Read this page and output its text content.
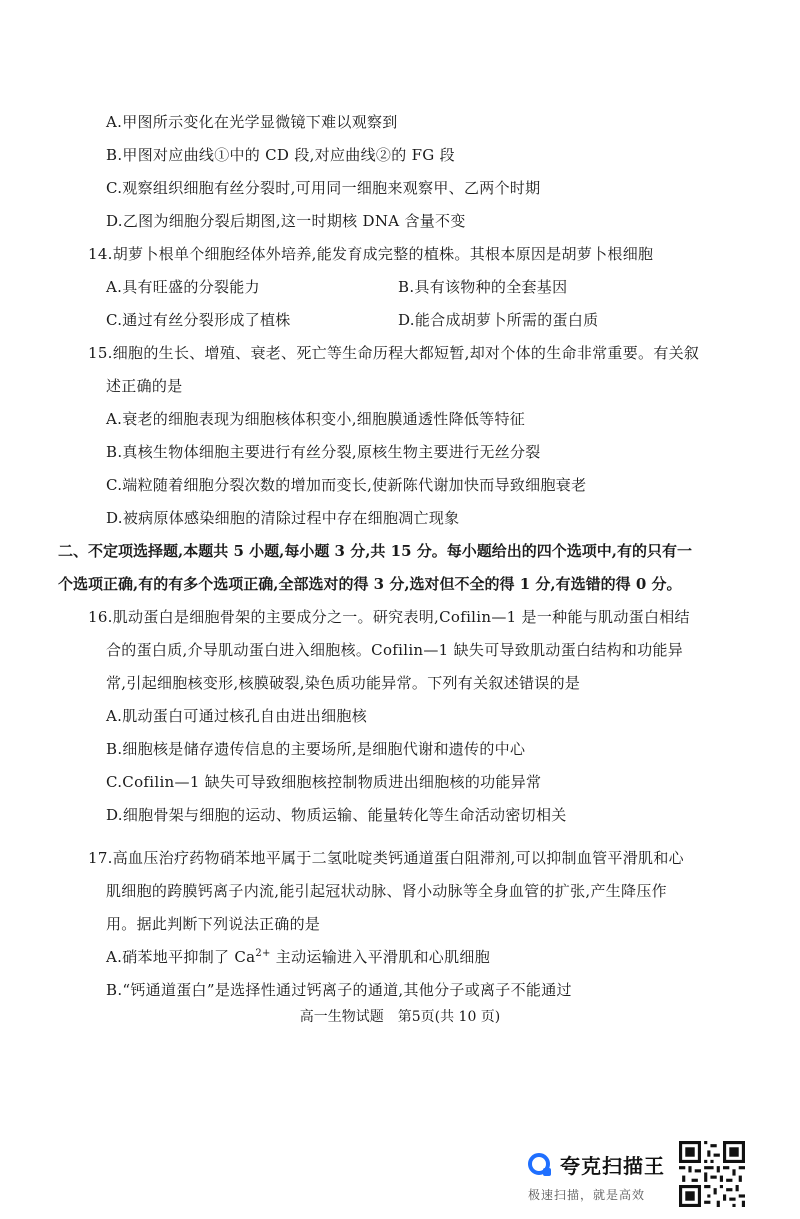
A.甲图所示变化在光学显微镜下难以观察到
B.甲图对应曲线①中的 CD 段,对应曲线②的 FG 段
C.观察组织细胞有丝分裂时,可用同一细胞来观察甲、乙两个时期
D.乙图为细胞分裂后期图,这一时期核 DNA 含量不变
14.胡萝卜根单个细胞经体外培养,能发育成完整的植株。其根本原因是胡萝卜根细胞
A.具有旺盛的分裂能力	B.具有该物种的全套基因
C.通过有丝分裂形成了植株	D.能合成胡萝卜所需的蛋白质
15.细胞的生长、增殖、衰老、死亡等生命历程大都短暂,却对个体的生命非常重要。有关叙
述正确的是
A.衰老的细胞表现为细胞核体积变小,细胞膜通透性降低等特征
B.真核生物体细胞主要进行有丝分裂,原核生物主要进行无丝分裂
C.端粒随着细胞分裂次数的增加而变长,使新陈代谢加快而导致细胞衰老
D.被病原体感染细胞的清除过程中存在细胞凋亡现象
二、不定项选择题,本题共 5 小题,每小题 3 分,共 15 分。每小题给出的四个选项中,有的只有一
个选项正确,有的有多个选项正确,全部选对的得 3 分,选对但不全的得 1 分,有选错的得 0 分。
16.肌动蛋白是细胞骨架的主要成分之一。研究表明,Cofilin—1 是一种能与肌动蛋白相结
合的蛋白质,介导肌动蛋白进入细胞核。Cofilin—1 缺失可导致肌动蛋白结构和功能异
常,引起细胞核变形,核膜破裂,染色质功能异常。下列有关叙述错误的是
A.肌动蛋白可通过核孔自由进出细胞核
B.细胞核是储存遗传信息的主要场所,是细胞代谢和遗传的中心
C.Cofilin—1 缺失可导致细胞核控制物质进出细胞核的功能异常
D.细胞骨架与细胞的运动、物质运输、能量转化等生命活动密切相关
17.高血压治疗药物硝苯地平属于二氢吡啶类钙通道蛋白阻滞剂,可以抑制血管平滑肌和心
肌细胞的跨膜钙离子内流,能引起冠状动脉、肾小动脉等全身血管的扩张,产生降压作
用。据此判断下列说法正确的是
A.硝苯地平抑制了 $Ca^{2+}$ 主动运输进入平滑肌和心肌细胞
B.“钙通道蛋白”是选择性通过钙离子的通道,其他分子或离子不能通过
高一生物试题　第5页(共 10 页)
夸克扫描王
极速扫描，就是高效
